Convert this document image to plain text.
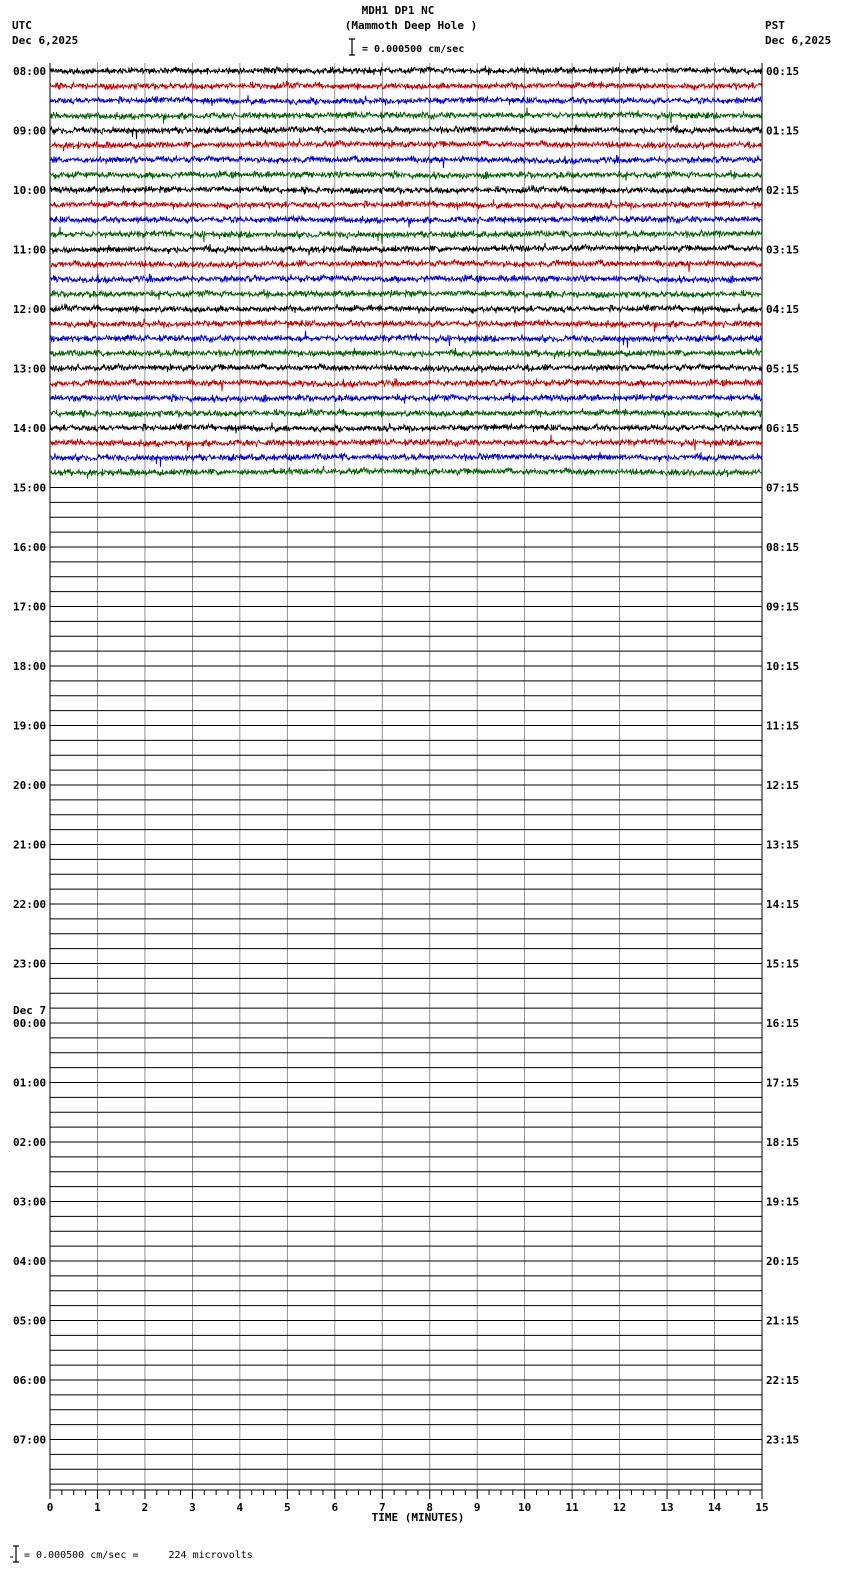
MDH1 DP1 NC
(Mammoth Deep Hole )
UTC
Dec 6,2025
PST
Dec 6,2025
= 0.000500 cm/sec
08:00
09:00
10:00
11:00
12:00
13:00
14:00
15:00
16:00
17:00
18:00
19:00
20:00
21:00
22:00
23:00
00:00
Dec 7
01:00
02:00
03:00
04:00
05:00
06:00
07:00
00:15
01:15
02:15
03:15
04:15
05:15
06:15
07:15
08:15
09:15
10:15
11:15
12:15
13:15
14:15
15:15
16:15
17:15
18:15
19:15
20:15
21:15
22:15
23:15
0	1	2	3	4	5	6	7	8	9	10	11	12	13	14	15
TIME (MINUTES)
= 0.000500 cm/sec =     224 microvolts
